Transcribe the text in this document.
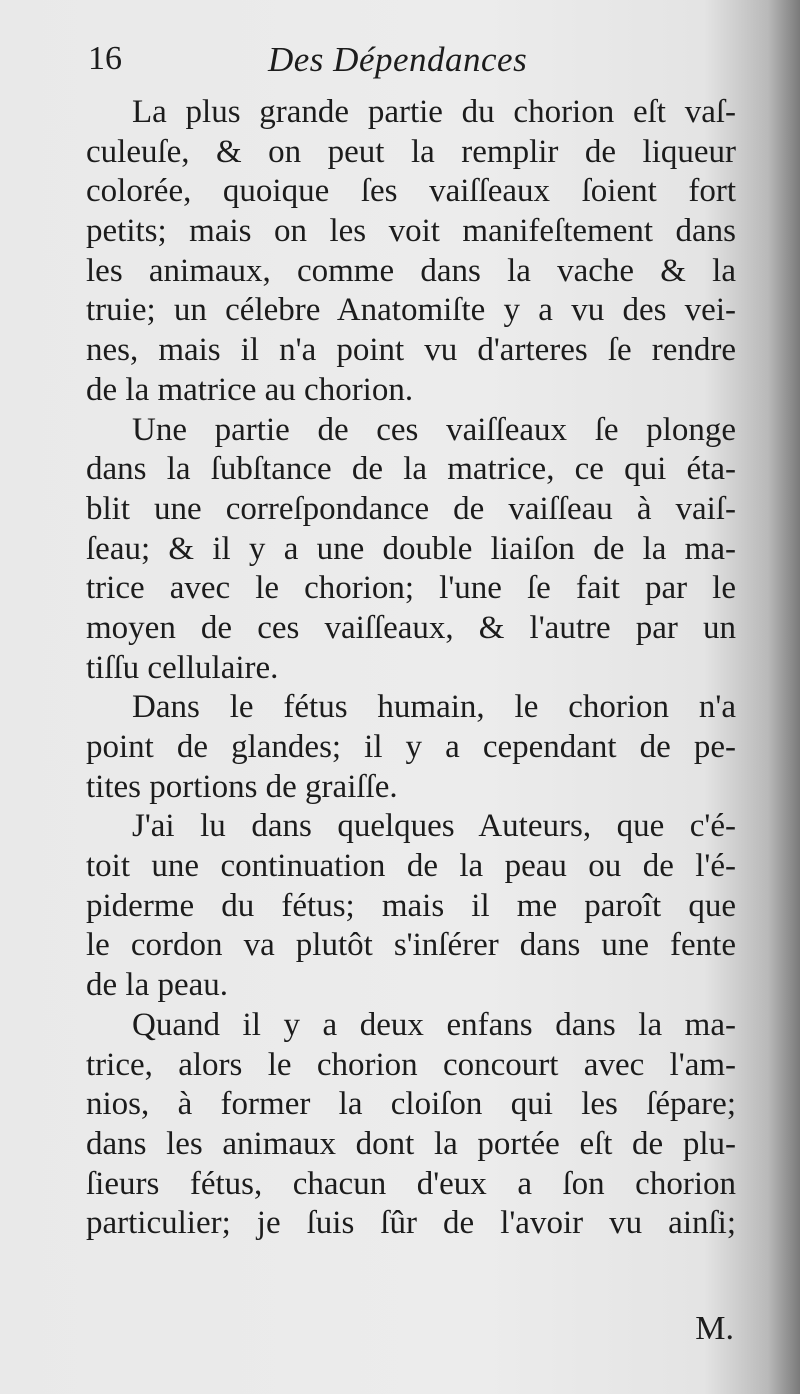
16	Des Dépendances
La plus grande partie du chorion eſt vaſ-
culeuſe, & on peut la remplir de liqueur
colorée, quoique ſes vaiſſeaux ſoient fort
petits; mais on les voit manifeſtement dans
les animaux, comme dans la vache & la
truie; un célebre Anatomiſte y a vu des vei-
nes, mais il n'a point vu d'arteres ſe rendre
de la matrice au chorion.
Une partie de ces vaiſſeaux ſe plonge
dans la ſubſtance de la matrice, ce qui éta-
blit une correſpondance de vaiſſeau à vaiſ-
ſeau; & il y a une double liaiſon de la ma-
trice avec le chorion; l'une ſe fait par le
moyen de ces vaiſſeaux, & l'autre par un
tiſſu cellulaire.
Dans le fétus humain, le chorion n'a
point de glandes; il y a cependant de pe-
tites portions de graiſſe.
J'ai lu dans quelques Auteurs, que c'é-
toit une continuation de la peau ou de l'é-
piderme du fétus; mais il me paroît que
le cordon va plutôt s'inſérer dans une fente
de la peau.
Quand il y a deux enfans dans la ma-
trice, alors le chorion concourt avec l'am-
nios, à former la cloiſon qui les ſépare;
dans les animaux dont la portée eſt de plu-
ſieurs fétus, chacun d'eux a ſon chorion
particulier; je ſuis ſûr de l'avoir vu ainſi;
M.
